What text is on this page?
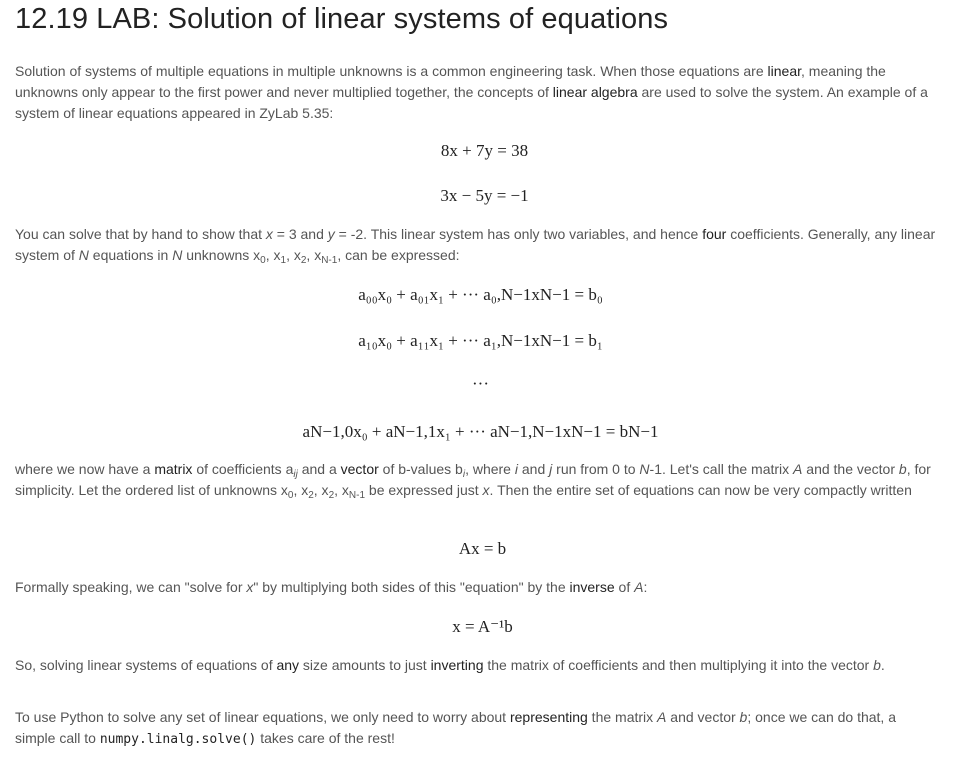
12.19 LAB: Solution of linear systems of equations

Solution of systems of multiple equations in multiple unknowns is a common engineering task. When those equations are linear, meaning the unknowns only appear to the first power and never multiplied together, the concepts of linear algebra are used to solve the system. An example of a system of linear equations appeared in ZyLab 5.35:

8x + 7y = 38
3x − 5y = −1

You can solve that by hand to show that x = 3 and y = -2. This linear system has only two variables, and hence four coefficients. Generally, any linear system of N equations in N unknowns $x_0$, $x_1$, $x_2$, $x_{N-1}$, can be expressed:

a₀₀x₀ + a₀₁x₁ + ··· a₀,N−1xN−1 = b₀
a₁₀x₀ + a₁₁x₁ + ··· a₁,N−1xN−1 = b₁
···
aN−1,0x₀ + aN−1,1x₁ + ··· aN−1,N−1xN−1 = bN−1

where we now have a matrix of coefficients $a_{ij}$ and a vector of b-values $b_i$, where i and j run from 0 to N-1. Let's call the matrix A and the vector b, for simplicity. Let the ordered list of unknowns $x_0$, $x_2$, $x_2$, $x_{N-1}$ be expressed just x. Then the entire set of equations can now be very compactly written

Ax = b

Formally speaking, we can "solve for x" by multiplying both sides of this "equation" by the inverse of A:

x = A⁻¹b

So, solving linear systems of equations of any size amounts to just inverting the matrix of coefficients and then multiplying it into the vector b.

To use Python to solve any set of linear equations, we only need to worry about representing the matrix A and vector b; once we can do that, a simple call to numpy.linalg.solve() takes care of the rest!
